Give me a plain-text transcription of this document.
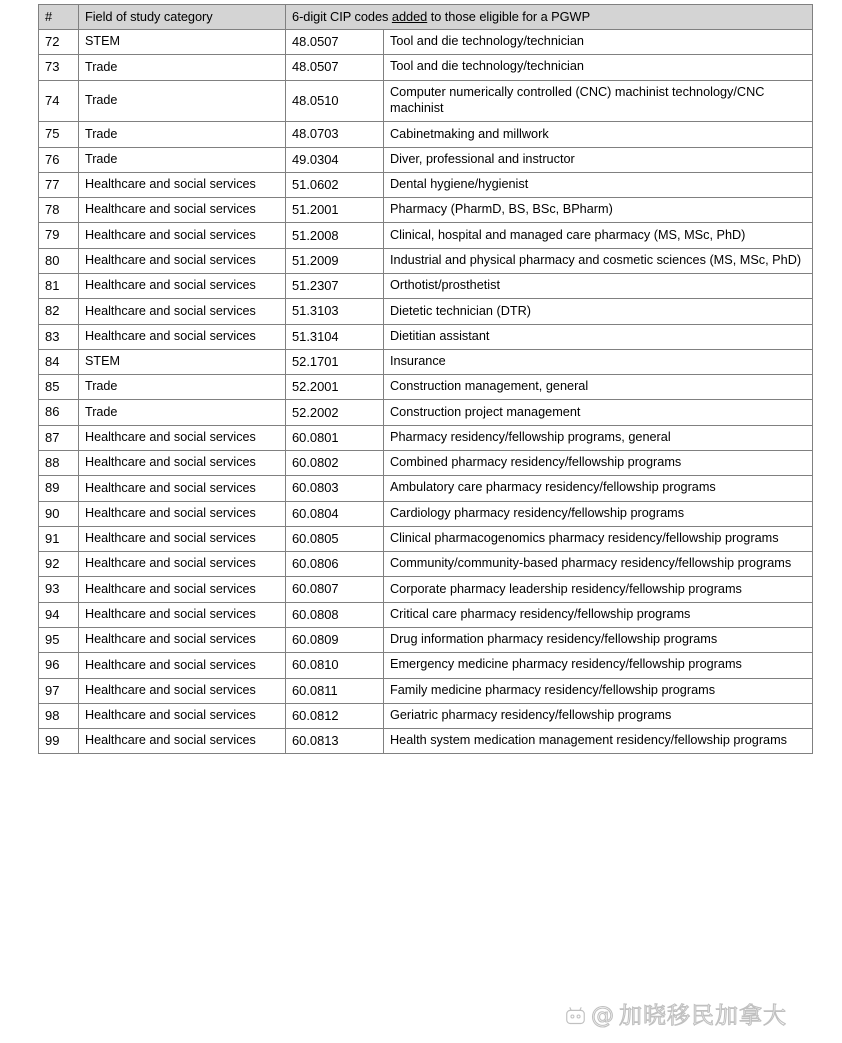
#	Field of study category	6-digit CIP codes added to those eligible for a PGWP	
72	STEM	48.0507	Tool and die technology/technician
73	Trade	48.0507	Tool and die technology/technician
74	Trade	48.0510	Computer numerically controlled (CNC) machinist technology/CNC machinist
75	Trade	48.0703	Cabinetmaking and millwork
76	Trade	49.0304	Diver, professional and instructor
77	Healthcare and social services	51.0602	Dental hygiene/hygienist
78	Healthcare and social services	51.2001	Pharmacy (PharmD, BS, BSc, BPharm)
79	Healthcare and social services	51.2008	Clinical, hospital and managed care pharmacy (MS, MSc, PhD)
80	Healthcare and social services	51.2009	Industrial and physical pharmacy and cosmetic sciences (MS, MSc, PhD)
81	Healthcare and social services	51.2307	Orthotist/prosthetist
82	Healthcare and social services	51.3103	Dietetic technician (DTR)
83	Healthcare and social services	51.3104	Dietitian assistant
84	STEM	52.1701	Insurance
85	Trade	52.2001	Construction management, general
86	Trade	52.2002	Construction project management
87	Healthcare and social services	60.0801	Pharmacy residency/fellowship programs, general
88	Healthcare and social services	60.0802	Combined pharmacy residency/fellowship programs
89	Healthcare and social services	60.0803	Ambulatory care pharmacy residency/fellowship programs
90	Healthcare and social services	60.0804	Cardiology pharmacy residency/fellowship programs
91	Healthcare and social services	60.0805	Clinical pharmacogenomics pharmacy residency/fellowship programs
92	Healthcare and social services	60.0806	Community/community-based pharmacy residency/fellowship programs
93	Healthcare and social services	60.0807	Corporate pharmacy leadership residency/fellowship programs
94	Healthcare and social services	60.0808	Critical care pharmacy residency/fellowship programs
95	Healthcare and social services	60.0809	Drug information pharmacy residency/fellowship programs
96	Healthcare and social services	60.0810	Emergency medicine pharmacy residency/fellowship programs
97	Healthcare and social services	60.0811	Family medicine pharmacy residency/fellowship programs
98	Healthcare and social services	60.0812	Geriatric pharmacy residency/fellowship programs
99	Healthcare and social services	60.0813	Health system medication management residency/fellowship programs
@ 加晓移民加拿大
